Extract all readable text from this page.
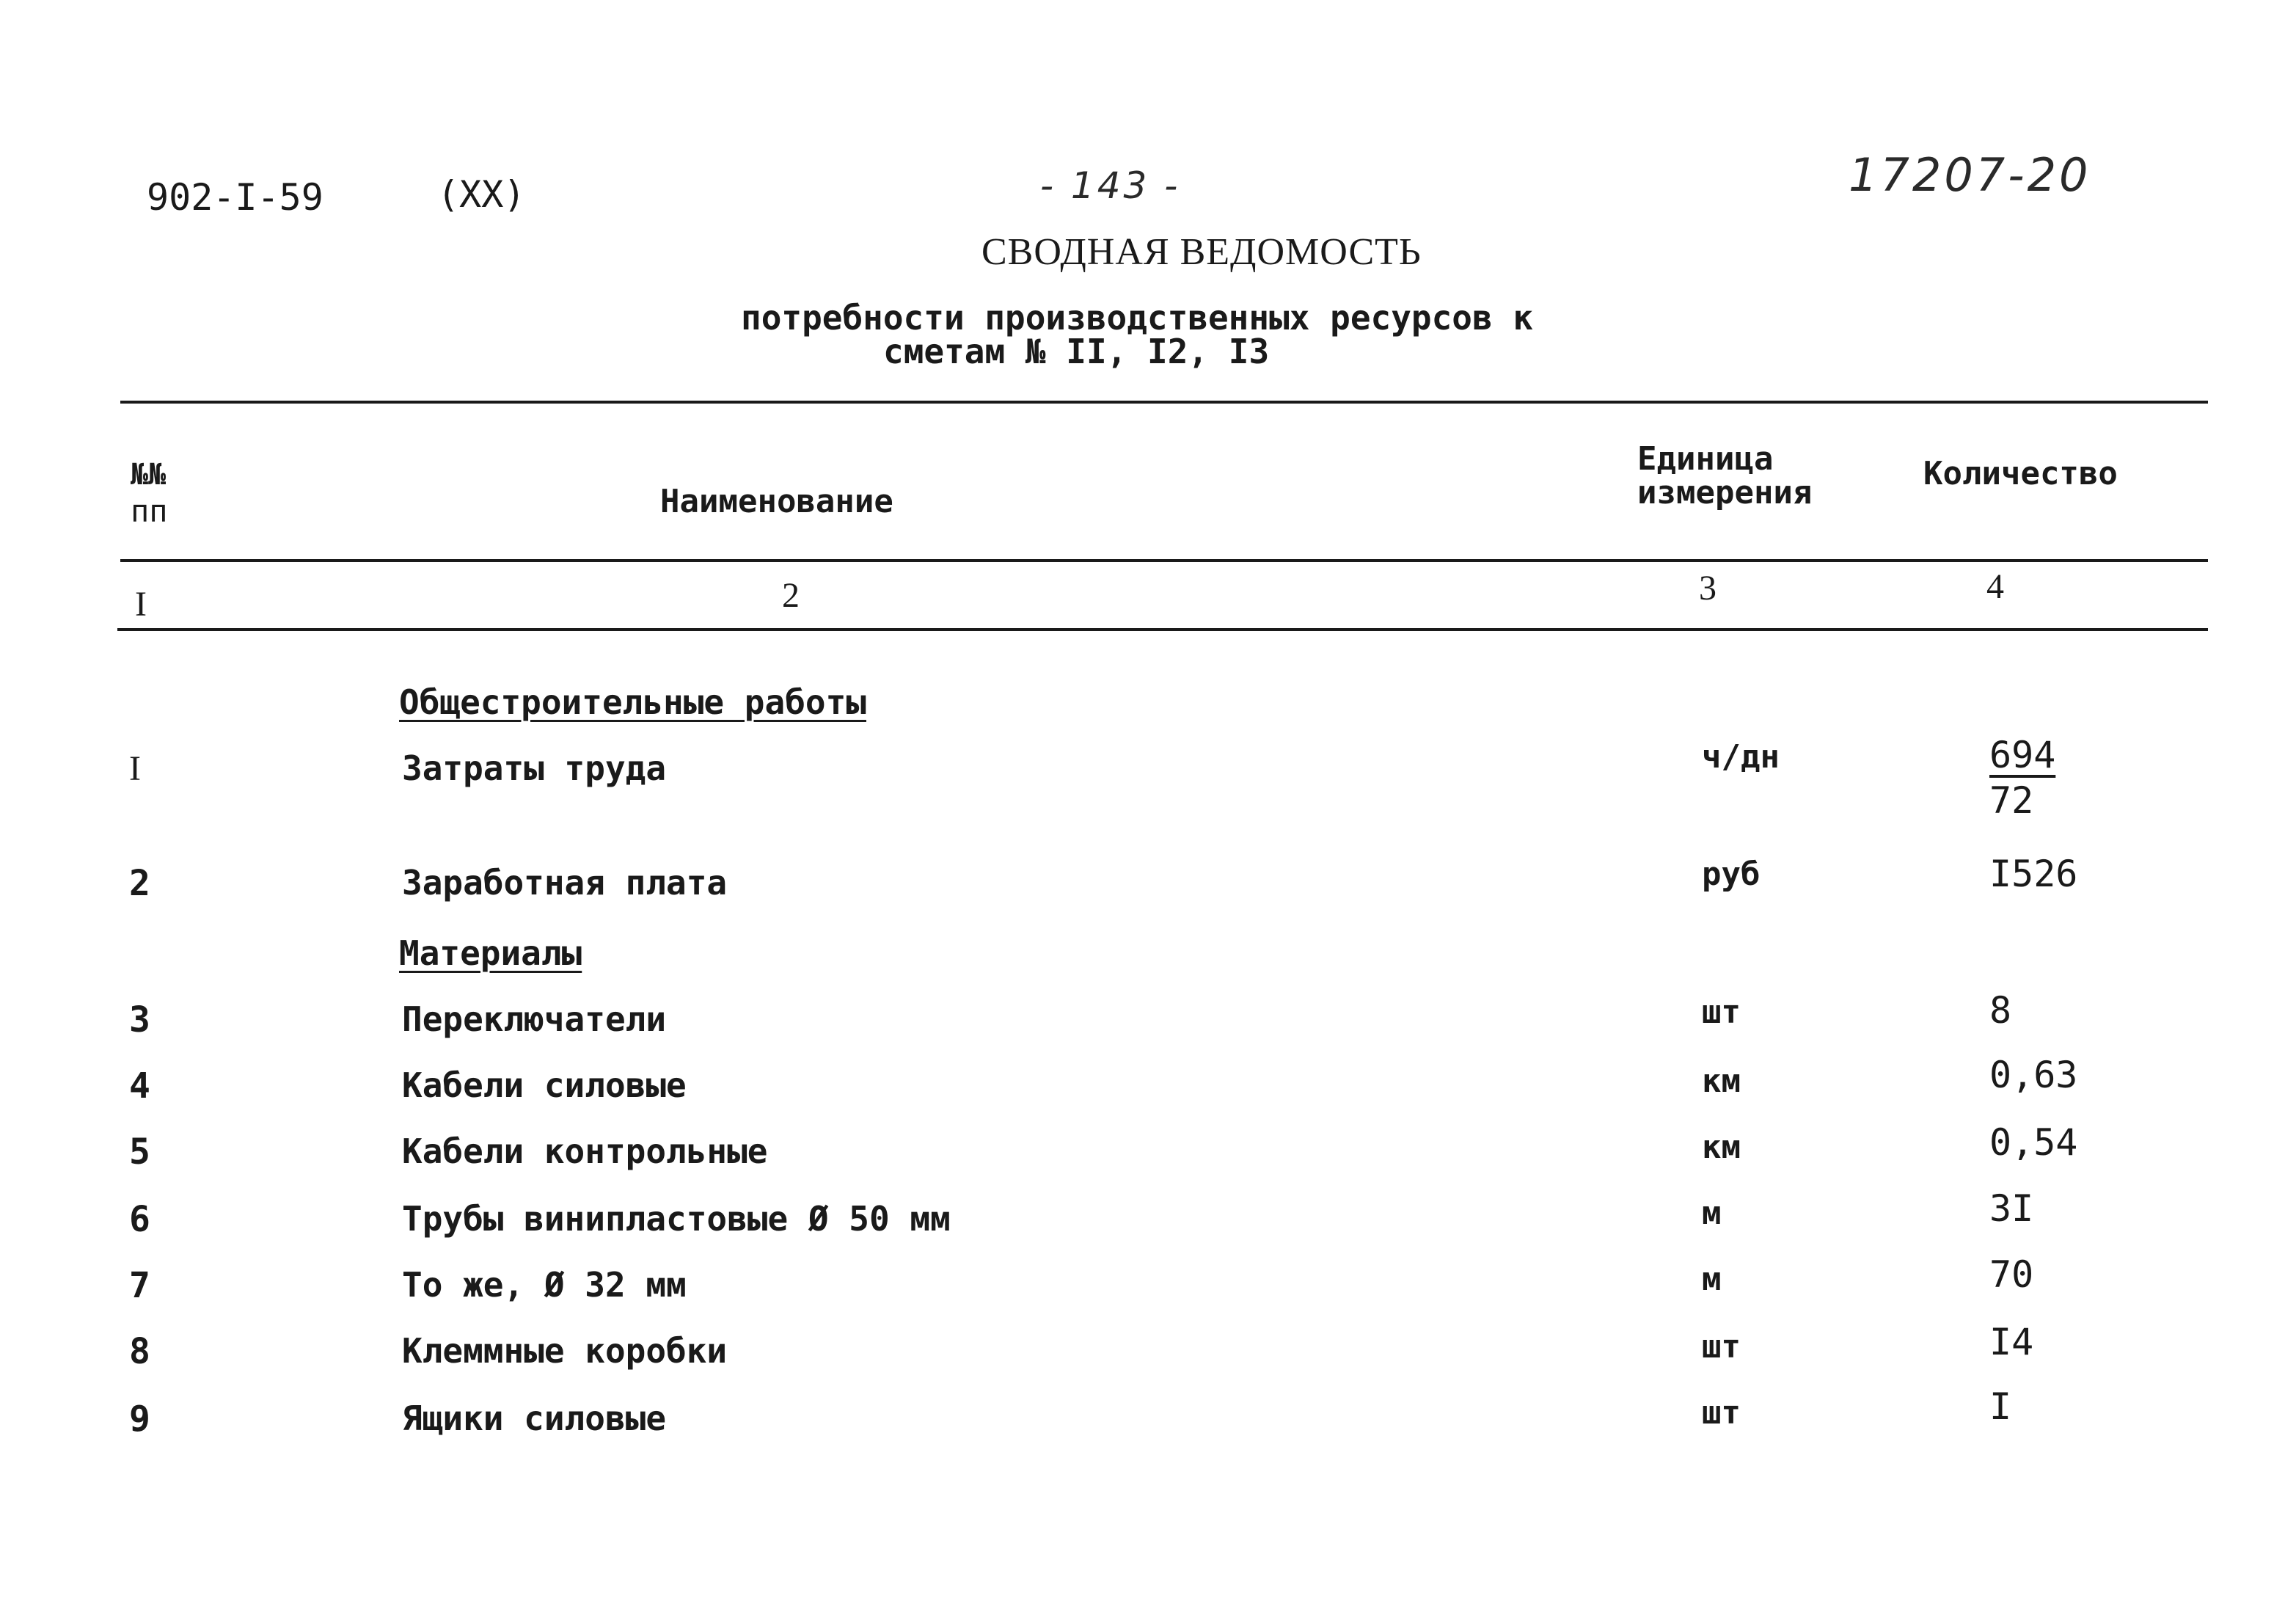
902-I-59	(XX)	- 143 -	17207-20
СВОДНАЯ ВЕДОМОСТЬ
потребности производственных ресурсов к
сметам № II, I2, I3
№№
пп	Наименование
Единица
измерения
Количество
I	2	3	4
Общестроительные работы
I	Затраты труда	ч/дн	$\frac{694}{72}$
2	Заработная плата	руб	I526
Материалы
3	Переключатели	шт	8
4	Кабели силовые	км	0,63
5	Кабели контрольные	км	0,54
6	Трубы винипластовые Ø 50 мм	м	3I
7	То же, Ø 32 мм	м	70
8	Клеммные коробки	шт	I4
9	Ящики силовые	шт	I
